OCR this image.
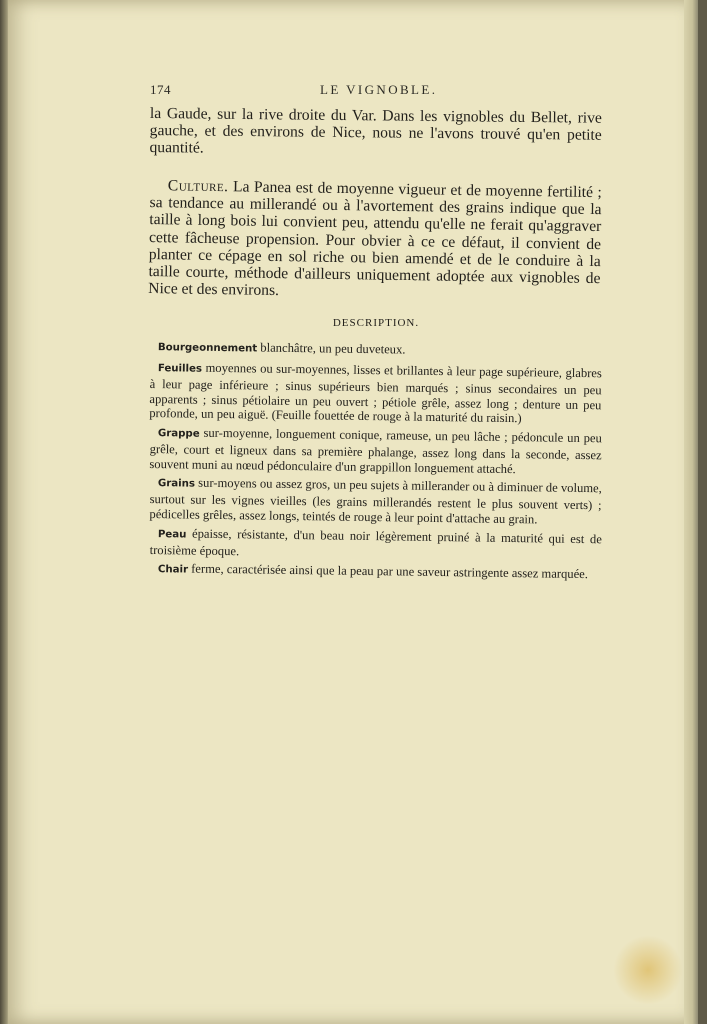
174	LE VIGNOBLE.

la Gaude, sur la rive droite du Var. Dans les vignobles du Bellet, rive gauche, et des environs de Nice, nous ne l'avons trouvé qu'en petite quantité.

Culture. La Panea est de moyenne vigueur et de moyenne fertilité ; sa tendance au millerandé ou à l'avortement des grains indique que la taille à long bois lui convient peu, attendu qu'elle ne ferait qu'aggraver cette fâcheuse propension. Pour obvier à ce ce défaut, il convient de planter ce cépage en sol riche ou bien amendé et de le conduire à la taille courte, méthode d'ailleurs uniquement adoptée aux vignobles de Nice et des environs.

DESCRIPTION.

Bourgeonnement blanchâtre, un peu duveteux.

Feuilles moyennes ou sur-moyennes, lisses et brillantes à leur page supérieure, glabres à leur page inférieure ; sinus supérieurs bien marqués ; sinus secondaires un peu apparents ; sinus pétiolaire un peu ouvert ; pétiole grêle, assez long ; denture un peu profonde, un peu aiguë. (Feuille fouettée de rouge à la maturité du raisin.)

Grappe sur-moyenne, longuement conique, rameuse, un peu lâche ; pédoncule un peu grêle, court et ligneux dans sa première phalange, assez long dans la seconde, assez souvent muni au nœud pédonculaire d'un grappillon longuement attaché.

Grains sur-moyens ou assez gros, un peu sujets à millerander ou à diminuer de volume, surtout sur les vignes vieilles (les grains millerandés restent le plus souvent verts) ; pédicelles grêles, assez longs, teintés de rouge à leur point d'attache au grain.

Peau épaisse, résistante, d'un beau noir légèrement pruiné à la maturité qui est de troisième époque.

Chair ferme, caractérisée ainsi que la peau par une saveur astringente assez marquée.
